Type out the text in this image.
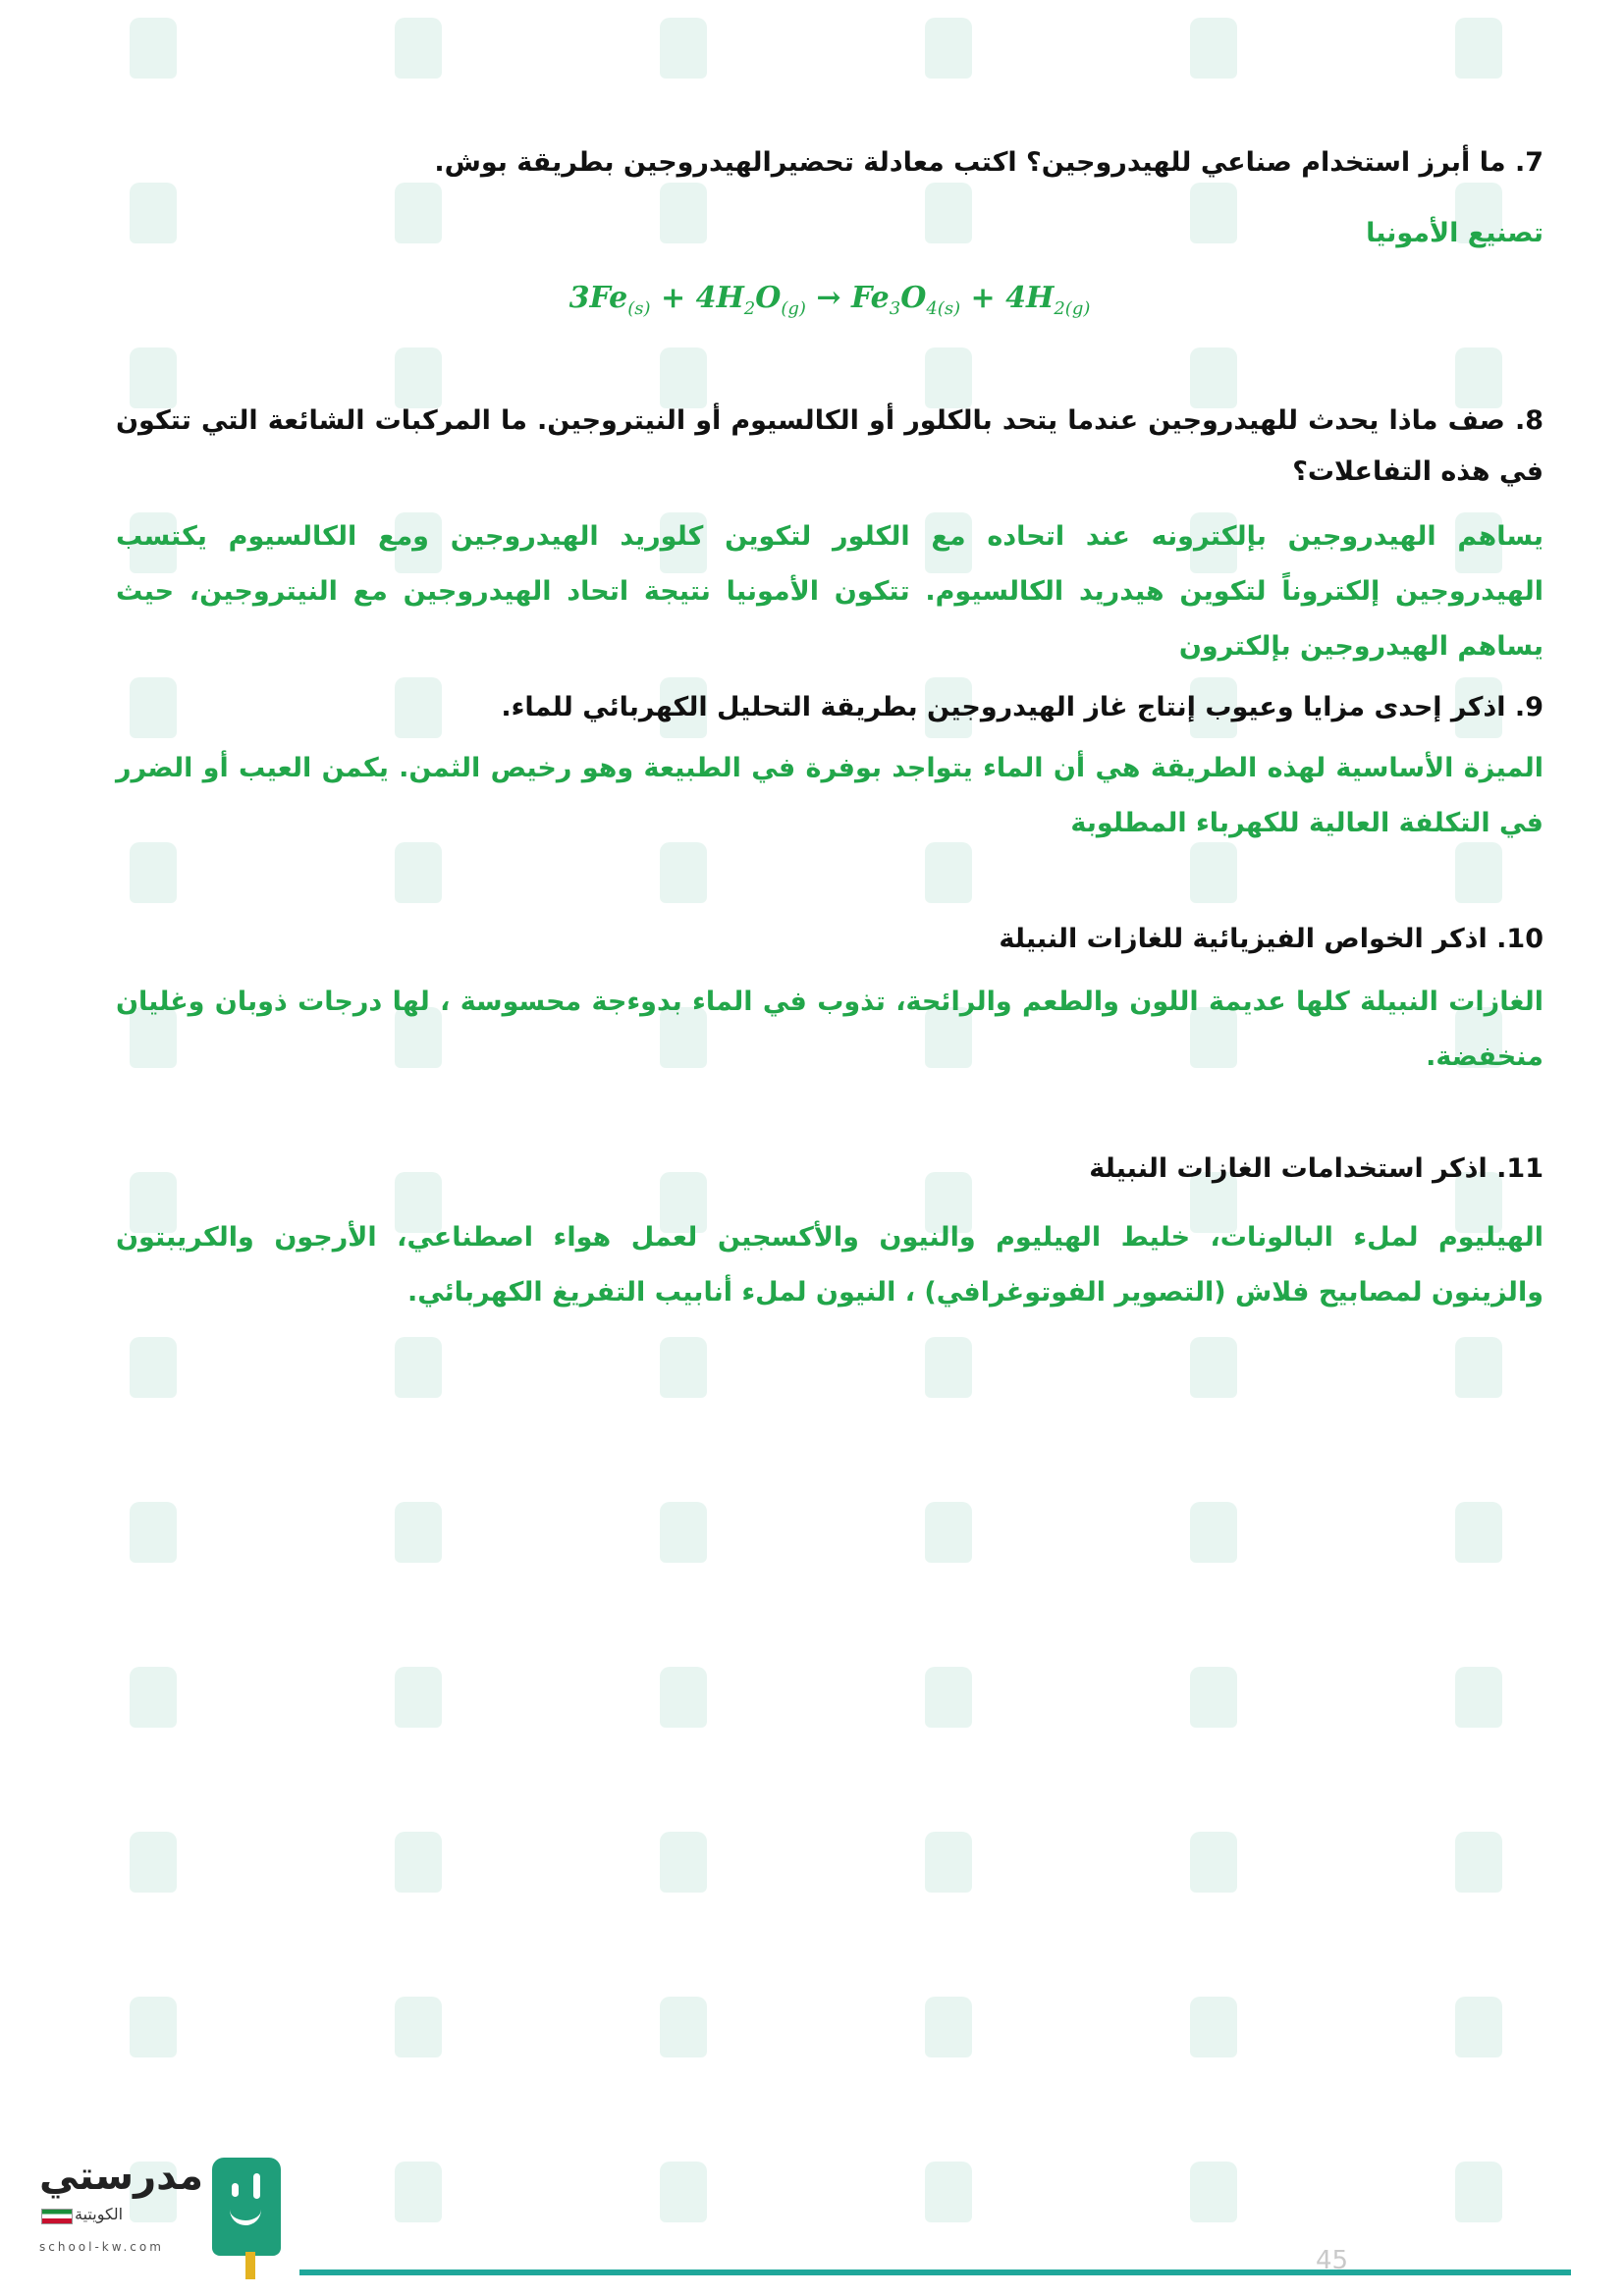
7. ما أبرز استخدام صناعي للهيدروجين؟ اكتب معادلة تحضيرالهيدروجين بطريقة بوش.

تصنيع الأمونيا

$3Fe_{(s)} + 4H_2O_{(g)} \to Fe_3O_{4(s)} + 4H_{2(g)}$

8. صف ماذا يحدث للهيدروجين عندما يتحد بالكلور أو الكالسيوم أو النيتروجين. ما المركبات الشائعة التي تتكون في هذه التفاعلات؟

يساهم الهيدروجين بإلكترونه عند اتحاده مع الكلور لتكوين كلوريد الهيدروجين ومع الكالسيوم يكتسب الهيدروجين إلكتروناً لتكوين هيدريد الكالسيوم. تتكون الأمونيا نتيجة اتحاد الهيدروجين مع النيتروجين، حيث يساهم الهيدروجين بإلكترون

9. اذكر إحدى مزايا وعيوب إنتاج غاز الهيدروجين بطريقة التحليل الكهربائي للماء.

الميزة الأساسية لهذه الطريقة هي أن الماء يتواجد بوفرة في الطبيعة وهو رخيص الثمن. يكمن العيب أو الضرر في التكلفة العالية للكهرباء المطلوبة

10. اذكر الخواص الفيزيائية للغازات النبيلة

الغازات النبيلة كلها عديمة اللون والطعم والرائحة، تذوب في الماء بدوءجة محسوسة ، لها درجات ذوبان وغليان منخفضة.

11. اذكر استخدامات الغازات النبيلة

الهيليوم لملء البالونات، خليط الهيليوم والنيون والأكسجين لعمل هواء اصطناعي، الأرجون والكريبتون والزينون لمصابيح فلاش (التصوير الفوتوغرافي) ، النيون لملء أنابيب التفريغ الكهربائي.

مدرستي
الكويتية
school-kw.com	45
